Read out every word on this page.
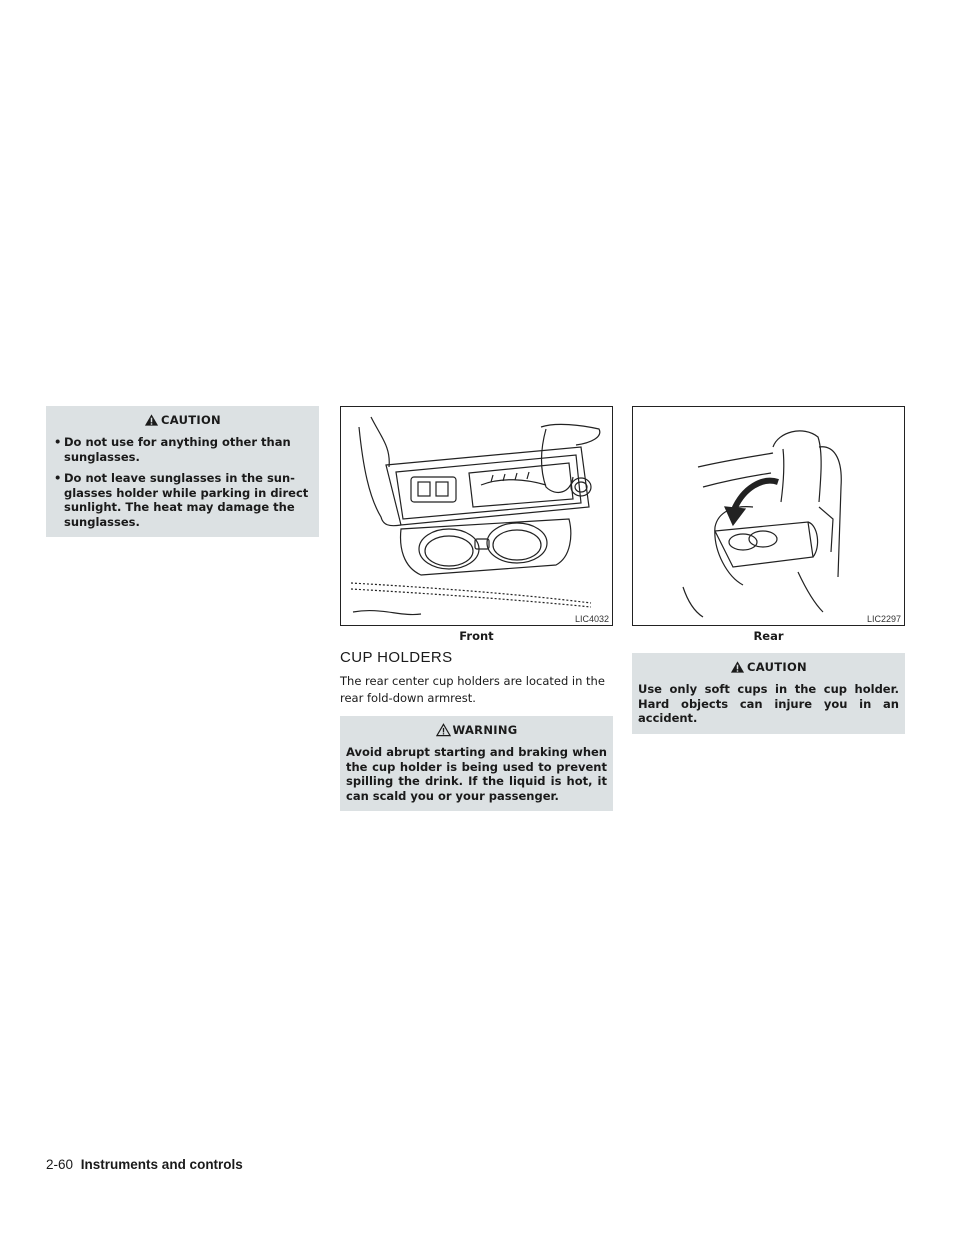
CAUTION
• Do not use for anything other than sunglasses.
• Do not leave sunglasses in the sunglasses holder while parking in direct sunlight. The heat may damage the sunglasses.
LIC4032
Front
CUP HOLDERS

The rear center cup holders are located in the rear fold-down armrest.

WARNING

Avoid abrupt starting and braking when the cup holder is being used to prevent spilling the drink. If the liquid is hot, it can scald you or your passenger.

LIC2297
Rear
CAUTION

Use only soft cups in the cup holder. Hard objects can injure you in an accident.

2-60 Instruments and controls
